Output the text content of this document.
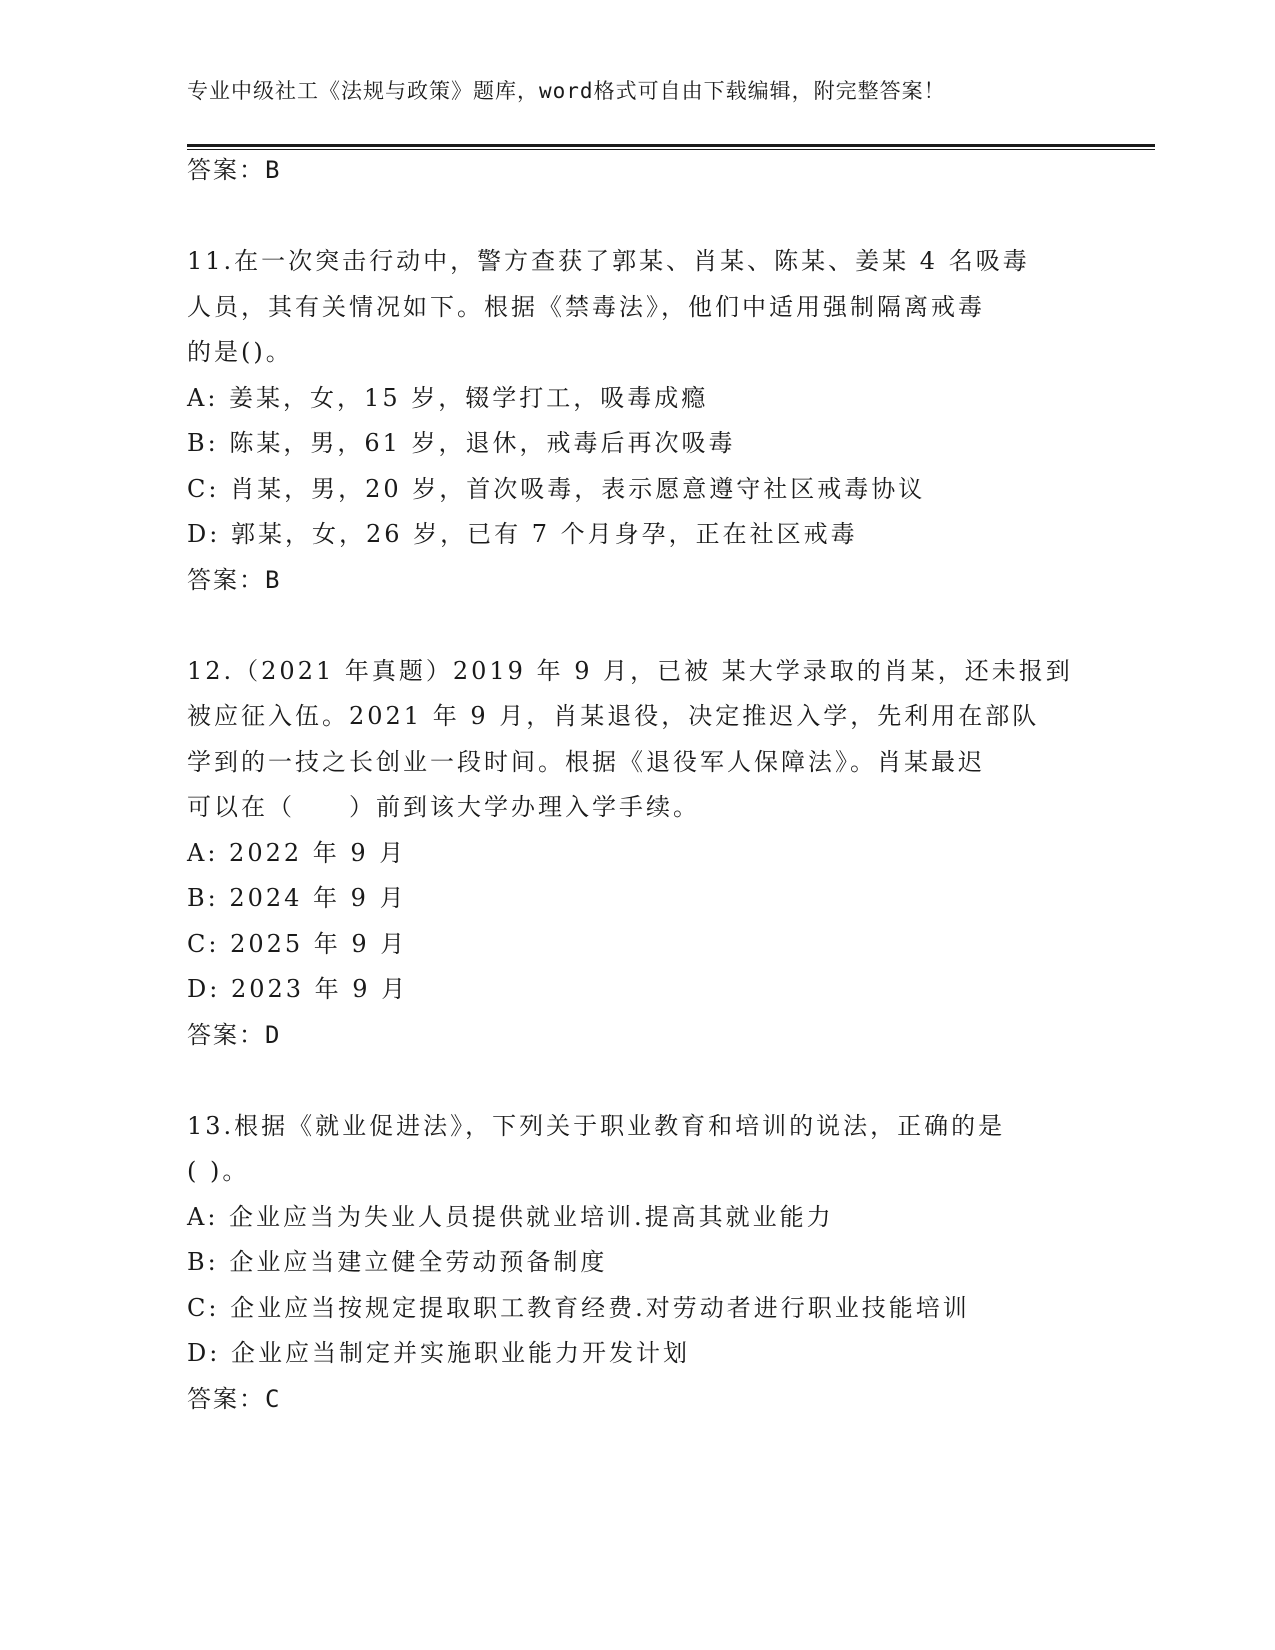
专业中级社工《法规与政策》题库，word格式可自由下载编辑，附完整答案！
答案：B
11.在一次突击行动中，警方查获了郭某、肖某、陈某、姜某 4 名吸毒
人员，其有关情况如下。根据《禁毒法》，他们中适用强制隔离戒毒
的是()。
A: 姜某，女，15 岁，辍学打工，吸毒成瘾
B: 陈某，男，61 岁，退休，戒毒后再次吸毒
C: 肖某，男，20 岁，首次吸毒，表示愿意遵守社区戒毒协议
D: 郭某，女，26 岁，已有 7 个月身孕，正在社区戒毒
答案：B
12.（2021 年真题）2019 年 9 月，已被 某大学录取的肖某，还未报到
被应征入伍。2021 年 9 月，肖某退役，决定推迟入学，先利用在部队
学到的一技之长创业一段时间。根据《退役军人保障法》。肖某最迟
可以在（　　）前到该大学办理入学手续。
A: 2022 年 9 月
B: 2024 年 9 月
C: 2025 年 9 月
D: 2023 年 9 月
答案：D
13.根据《就业促进法》，下列关于职业教育和培训的说法，正确的是
( )。
A: 企业应当为失业人员提供就业培训.提高其就业能力
B: 企业应当建立健全劳动预备制度
C: 企业应当按规定提取职工教育经费.对劳动者进行职业技能培训
D: 企业应当制定并实施职业能力开发计划
答案：C
